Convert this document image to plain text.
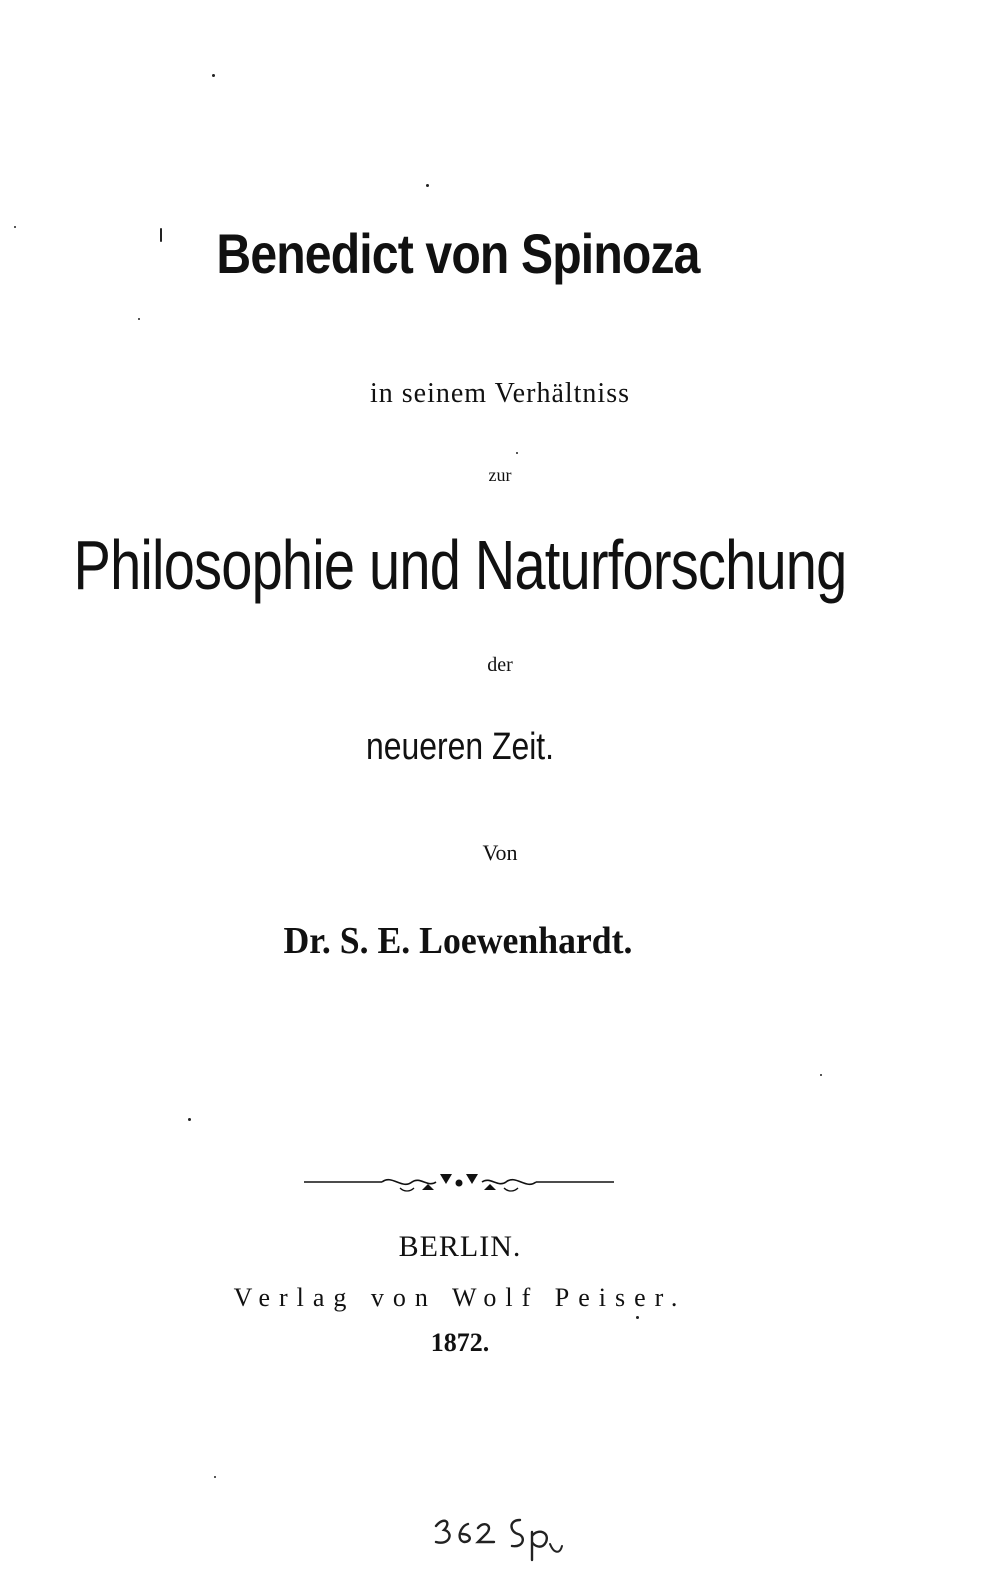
Benedict von Spinoza
in seinem Verhältniss
zur
Philosophie und Naturforschung
der
neueren Zeit.
Von
Dr. S. E. Loewenhardt.
BERLIN.
Verlag von Wolf Peiser.
1872.
